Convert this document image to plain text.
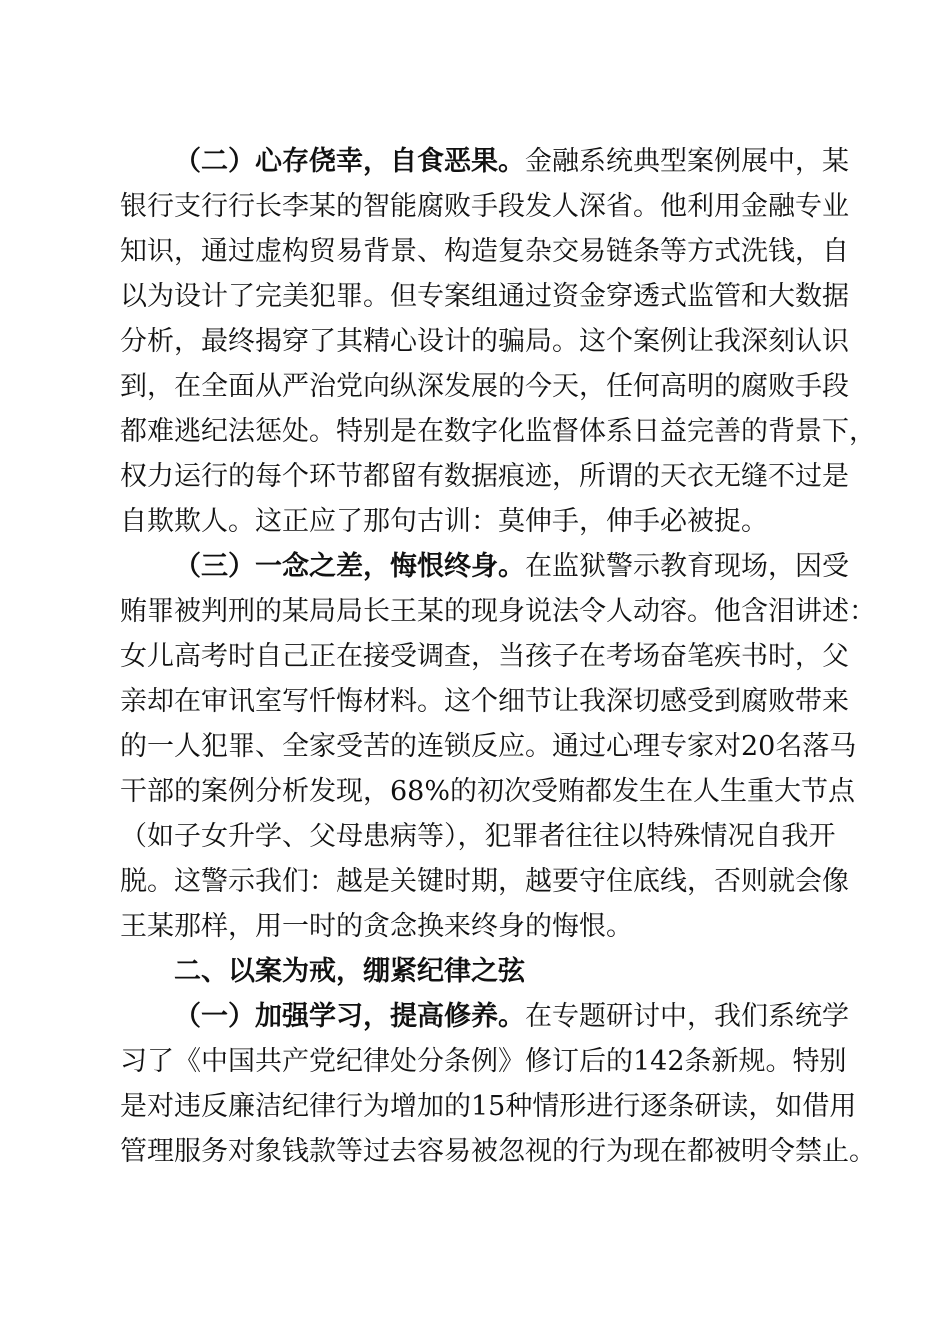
（二）心存侥幸，自食恶果。金融系统典型案例展中，某
银行支行行长李某的智能腐败手段发人深省。他利用金融专业
知识，通过虚构贸易背景、构造复杂交易链条等方式洗钱，自
以为设计了完美犯罪。但专案组通过资金穿透式监管和大数据
分析，最终揭穿了其精心设计的骗局。这个案例让我深刻认识
到，在全面从严治党向纵深发展的今天，任何高明的腐败手段
都难逃纪法惩处。特别是在数字化监督体系日益完善的背景下，
权力运行的每个环节都留有数据痕迹，所谓的天衣无缝不过是
自欺欺人。这正应了那句古训：莫伸手，伸手必被捉。
（三）一念之差，悔恨终身。在监狱警示教育现场，因受
贿罪被判刑的某局局长王某的现身说法令人动容。他含泪讲述：
女儿高考时自己正在接受调查，当孩子在考场奋笔疾书时，父
亲却在审讯室写忏悔材料。这个细节让我深切感受到腐败带来
的一人犯罪、全家受苦的连锁反应。通过心理专家对20名落马
干部的案例分析发现，68%的初次受贿都发生在人生重大节点
（如子女升学、父母患病等），犯罪者往往以特殊情况自我开
脱。这警示我们：越是关键时期，越要守住底线，否则就会像
王某那样，用一时的贪念换来终身的悔恨。
二、以案为戒，绷紧纪律之弦
（一）加强学习，提高修养。在专题研讨中，我们系统学
习了《中国共产党纪律处分条例》修订后的142条新规。特别
是对违反廉洁纪律行为增加的15种情形进行逐条研读，如借用
管理服务对象钱款等过去容易被忽视的行为现在都被明令禁止。
